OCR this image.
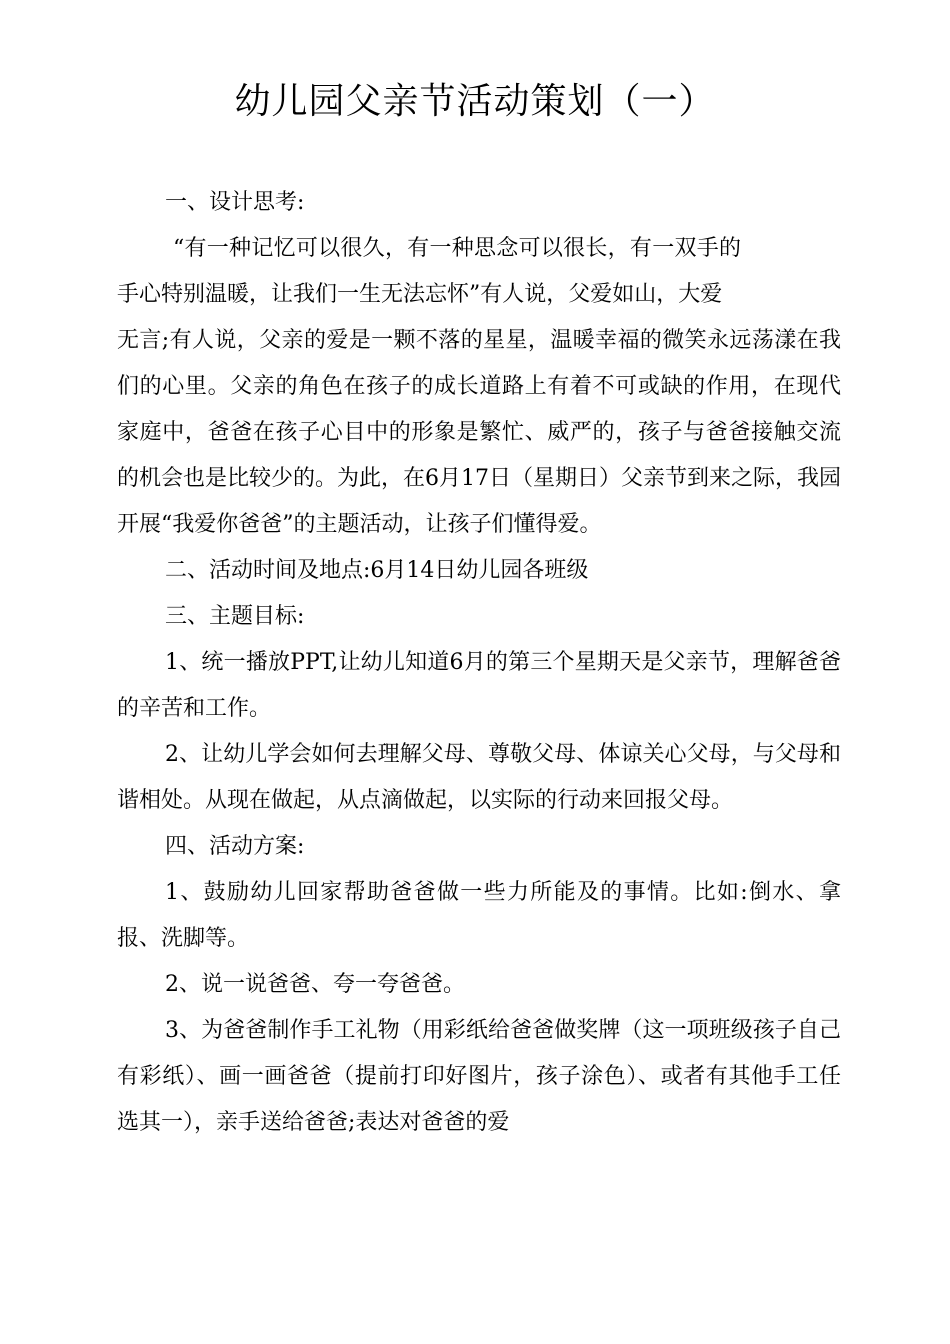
幼儿园父亲节活动策划（一）

一、设计思考:

“有一种记忆可以很久，有一种思念可以很长，有一双手的手心特别温暖，让我们一生无法忘怀”有人说，父爱如山，大爱

无言;有人说，父亲的爱是一颗不落的星星，温暖幸福的微笑永远荡漾在我们的心里。父亲的角色在孩子的成长道路上有着不可或缺的作用，在现代家庭中，爸爸在孩子心目中的形象是繁忙、威严的，孩子与爸爸接触交流的机会也是比较少的。为此，在6月17日（星期日）父亲节到来之际，我园开展“我爱你爸爸”的主题活动，让孩子们懂得爱。

二、活动时间及地点:6月14日幼儿园各班级

三、主题目标:

1、统一播放PPT,让幼儿知道6月的第三个星期天是父亲节，理解爸爸的辛苦和工作。

2、让幼儿学会如何去理解父母、尊敬父母、体谅关心父母，与父母和谐相处。从现在做起，从点滴做起，以实际的行动来回报父母。

四、活动方案:

1、鼓励幼儿回家帮助爸爸做一些力所能及的事情。比如:倒水、拿报、洗脚等。

2、说一说爸爸、夸一夸爸爸。

3、为爸爸制作手工礼物（用彩纸给爸爸做奖牌（这一项班级孩子自己有彩纸）、画一画爸爸（提前打印好图片，孩子涂色）、或者有其他手工任选其一），亲手送给爸爸;表达对爸爸的爱
